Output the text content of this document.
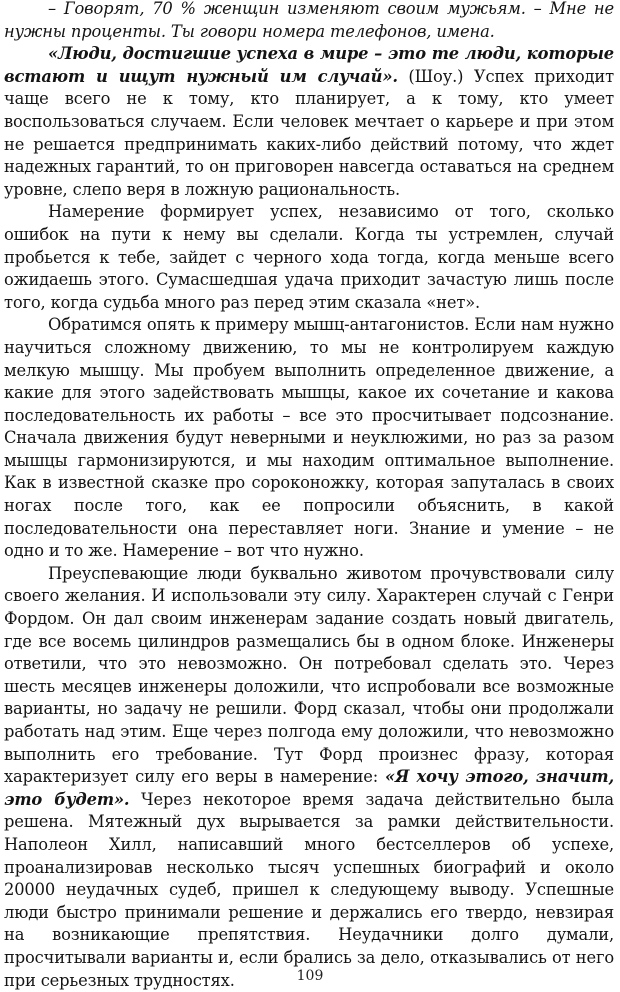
– Говорят, 70 % женщин изменяют своим мужьям. – Мне не нужны проценты. Ты говори номера телефонов, имена.

«Люди, достигшие успеха в мире – это те люди, которые встают и ищут нужный им случай». (Шоу.) Успех приходит чаще всего не к тому, кто планирует, а к тому, кто умеет воспользоваться случаем. Если человек мечтает о карьере и при этом не решается предпринимать каких-либо действий потому, что ждет надежных гарантий, то он приговорен навсегда оставаться на среднем уровне, слепо веря в ложную рациональность.

Намерение формирует успех, независимо от того, сколько ошибок на пути к нему вы сделали. Когда ты устремлен, случай пробьется к тебе, зайдет с черного хода тогда, когда меньше всего ожидаешь этого. Сумасшедшая удача приходит зачастую лишь после того, когда судьба много раз перед этим сказала «нет».

Обратимся опять к примеру мышц-антагонистов. Если нам нужно научиться сложному движению, то мы не контролируем каждую мелкую мышцу. Мы пробуем выполнить определенное движение, а какие для этого задействовать мышцы, какое их сочетание и какова последовательность их работы – все это просчитывает подсознание. Сначала движения будут неверными и неуклюжими, но раз за разом мышцы гармонизируются, и мы находим оптимальное выполнение. Как в известной сказке про сороконожку, которая запуталась в своих ногах после того, как ее попросили объяснить, в какой последовательности она переставляет ноги. Знание и умение – не одно и то же. Намерение – вот что нужно.

Преуспевающие люди буквально животом прочувствовали силу своего желания. И использовали эту силу. Характерен случай с Генри Фордом. Он дал своим инженерам задание создать новый двигатель, где все восемь цилиндров размещались бы в одном блоке. Инженеры ответили, что это невозможно. Он потребовал сделать это. Через шесть месяцев инженеры доложили, что испробовали все возможные варианты, но задачу не решили. Форд сказал, чтобы они продолжали работать над этим. Еще через полгода ему доложили, что невозможно выполнить его требование. Тут Форд произнес фразу, которая характеризует силу его веры в намерение: «Я хочу этого, значит, это будет». Через некоторое время задача действительно была решена. Мятежный дух вырывается за рамки действительности. Наполеон Хилл, написавший много бестселлеров об успехе, проанализировав несколько тысяч успешных биографий и около 20000 неудачных судеб, пришел к следующему выводу. Успешные люди быстро принимали решение и держались его твердо, невзирая на возникающие препятствия. Неудачники долго думали, просчитывали варианты и, если брались за дело, отказывались от него при серьезных трудностях.	109
